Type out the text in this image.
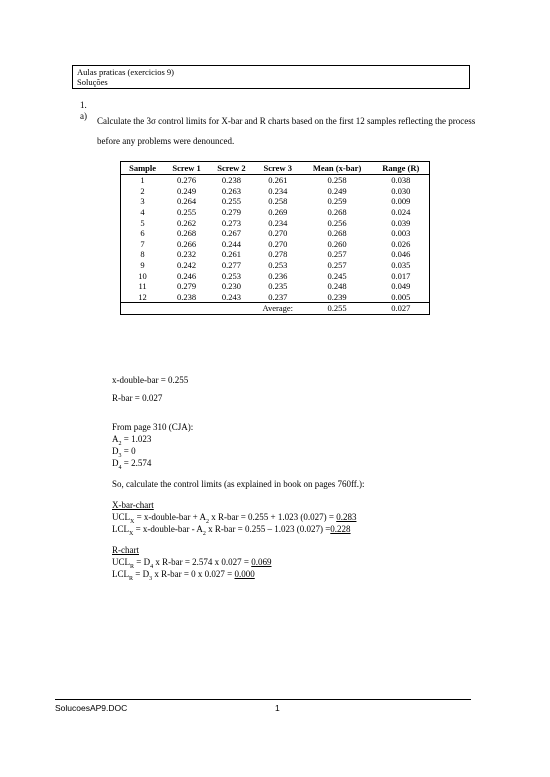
Aulas praticas (exercicios 9)
Soluções
1.
a) Calculate the 3σ control limits for X-bar and R charts based on the first 12 samples reflecting the process before any problems were denounced.
Sample	Screw 1	Screw 2	Screw 3	Mean (x-bar)	Range (R)
1	0.276	0.238	0.261	0.258	0.038
2	0.249	0.263	0.234	0.249	0.030
3	0.264	0.255	0.258	0.259	0.009
4	0.255	0.279	0.269	0.268	0.024
5	0.262	0.273	0.234	0.256	0.039
6	0.268	0.267	0.270	0.268	0.003
7	0.266	0.244	0.270	0.260	0.026
8	0.232	0.261	0.278	0.257	0.046
9	0.242	0.277	0.253	0.257	0.035
10	0.246	0.253	0.236	0.245	0.017
11	0.279	0.230	0.235	0.248	0.049
12	0.238	0.243	0.237	0.239	0.005
			Average:	0.255	0.027
x-double-bar = 0.255
R-bar = 0.027
From page 310 (CJA):
$A_2 = 1.023$
$D_3 = 0$
$D_4 = 2.574$
So, calculate the control limits (as explained in book on pages 760ff.):
X-bar-chart
$UCL_X$ = x-double-bar + $A_2$ x R-bar = 0.255 + 1.023 (0.027) = 0.283
$LCL_X$ = x-double-bar - $A_2$ x R-bar = 0.255 – 1.023 (0.027) =0.228
R-chart
$UCL_R = D_4$ x R-bar = 2.574 x 0.027 = 0.069
$LCL_R = D_3$ x R-bar = 0 x 0.027 = 0.000
SolucoesAP9.DOC	1
